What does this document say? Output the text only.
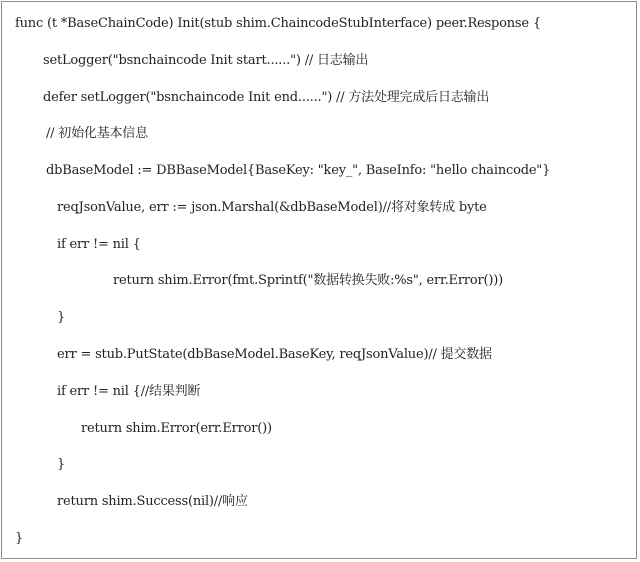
func (t *BaseChainCode) Init(stub shim.ChaincodeStubInterface) peer.Response {
setLogger("bsnchaincode Init start......") // 日志输出
defer setLogger("bsnchaincode Init end......") // 方法处理完成后日志输出
// 初始化基本信息
dbBaseModel := DBBaseModel{BaseKey: "key_", BaseInfo: "hello chaincode"}
reqJsonValue, err := json.Marshal(&dbBaseModel)//将对象转成 byte
if err != nil {
return shim.Error(fmt.Sprintf("数据转换失败:%s", err.Error()))
}
err = stub.PutState(dbBaseModel.BaseKey, reqJsonValue)// 提交数据
if err != nil {//结果判断
return shim.Error(err.Error())
}
return shim.Success(nil)//响应
}
